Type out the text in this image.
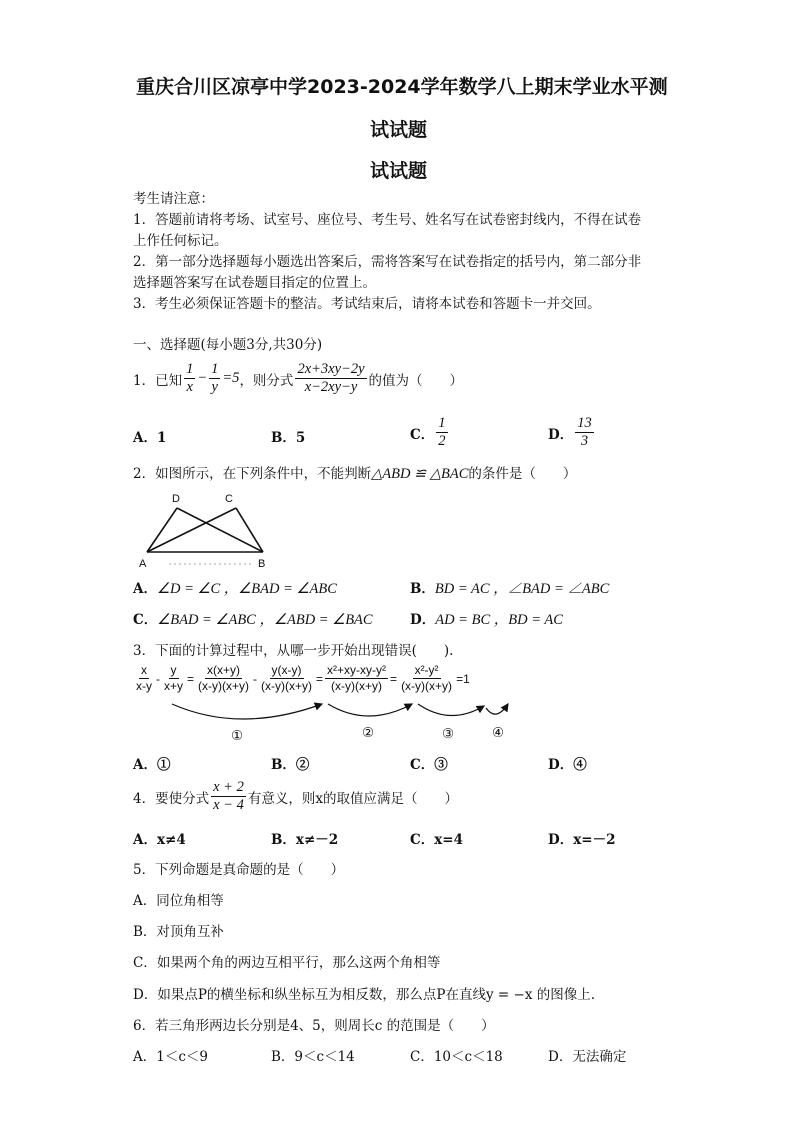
重庆合川区凉亭中学2023-2024学年数学八上期末学业水平测
试试题
试试题
考生请注意：
1．答题前请将考场、试室号、座位号、考生号、姓名写在试卷密封线内，不得在试卷
上作任何标记。
2．第一部分选择题每小题选出答案后，需将答案写在试卷指定的括号内，第二部分非
选择题答案写在试卷题目指定的位置上。
3．考生必须保证答题卡的整洁。考试结束后，请将本试卷和答题卡一并交回。
一、选择题(每小题3分,共30分)
1．已知 $\frac{1}{x} - \frac{1}{y} =5$ ，则分式 $\frac{2x+3xy-2y}{x-2xy-y}$ 的值为（　　）
A．1	B．5	C． $\frac{1}{2}$	D． $\frac{13}{3}$
2．如图所示，在下列条件中，不能判断△ABD ≌ △BAC的条件是（　　）
D	C
A	B
A．∠D = ∠C ，∠BAD = ∠ABC	B．BD = AC ，∠BAD = ∠ABC
C．∠BAD = ∠ABC ，∠ABD = ∠BAC	D．AD = BC ，BD = AC
3．下面的计算过程中，从哪一步开始出现错误(　　).
$\frac{x}{x-y} - \frac{y}{x+y} = \frac{x(x+y)}{(x-y)(x+y)} - \frac{y(x-y)}{(x-y)(x+y)} = \frac{\text{x²+xy-xy-y²}}{(x-y)(x+y)} = \frac{\text{x²-y²}}{(x-y)(x+y)} =1$
①	②	③	④
A．①	B．②	C．③	D．④
4．要使分式 $\frac{x + 2}{x - 4}$ 有意义，则x的取值应满足（　　）
A．x≠4	B．x≠－2	C．x=4	D．x=－2
5．下列命题是真命题的是（　　）
A．同位角相等
B．对顶角互补
C．如果两个角的两边互相平行，那么这两个角相等
D．如果点P的横坐标和纵坐标互为相反数，那么点P在直线y = −x 的图像上.
6．若三角形两边长分别是4、5，则周长c 的范围是（　　）
A．1＜c＜9	B．9＜c＜14	C．10＜c＜18	D．无法确定
